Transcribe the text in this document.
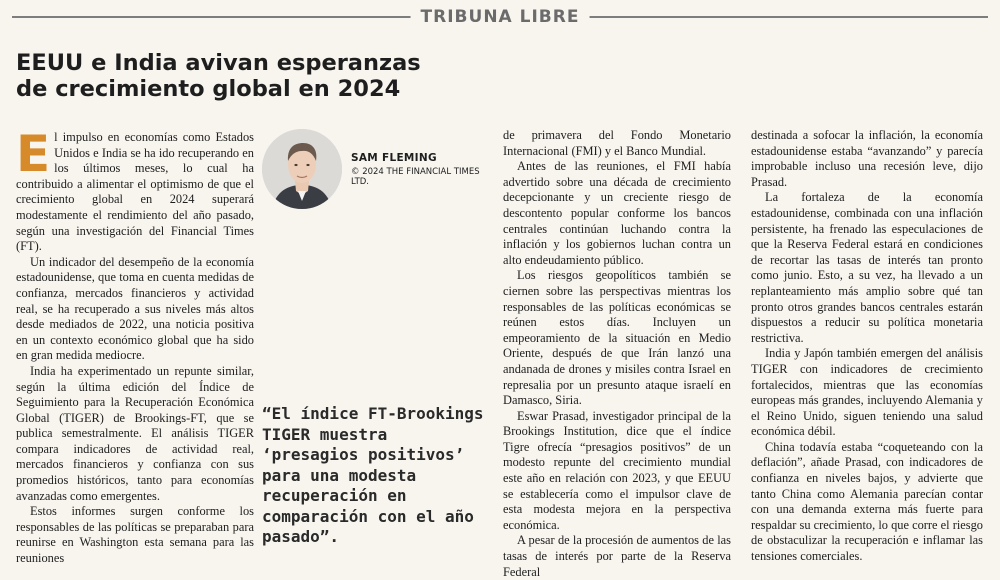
TRIBUNA LIBRE
EEUU e India avivan esperanzas de crecimiento global en 2024

El impulso en economías como Estados Unidos e India se ha ido recuperando en los últimos meses, lo cual ha contribuido a alimentar el optimismo de que el crecimiento global en 2024 superará modestamente el rendimiento del año pasado, según una investigación del Financial Times (FT).

Un indicador del desempeño de la economía estadounidense, que toma en cuenta medidas de confianza, mercados financieros y actividad real, se ha recuperado a sus niveles más altos desde mediados de 2022, una noticia positiva en un contexto económico global que ha sido en gran medida mediocre.

India ha experimentado un repunte similar, según la última edición del Índice de Seguimiento para la Recuperación Económica Global (TIGER) de Brookings-FT, que se publica semestralmente. El análisis TIGER compara indicadores de actividad real, mercados financieros y confianza con sus promedios históricos, tanto para economías avanzadas como emergentes.

Estos informes surgen conforme los responsables de las políticas se preparaban para reunirse en Washington esta semana para las reuniones

SAM FLEMING
© 2024 THE FINANCIAL TIMES LTD.

“El índice FT-Brookings TIGER muestra ‘presagios positivos’ para una modesta recuperación en comparación con el año pasado”.

de primavera del Fondo Monetario Internacional (FMI) y el Banco Mundial.

Antes de las reuniones, el FMI había advertido sobre una década de crecimiento decepcionante y un creciente riesgo de descontento popular conforme los bancos centrales continúan luchando contra la inflación y los gobiernos luchan contra un alto endeudamiento público.

Los riesgos geopolíticos también se ciernen sobre las perspectivas mientras los responsables de las políticas económicas se reúnen estos días. Incluyen un empeoramiento de la situación en Medio Oriente, después de que Irán lanzó una andanada de drones y misiles contra Israel en represalia por un presunto ataque israelí en Damasco, Siria.

Eswar Prasad, investigador principal de la Brookings Institution, dice que el índice Tigre ofrecía “presagios positivos” de un modesto repunte del crecimiento mundial este año en relación con 2023, y que EEUU se establecería como el impulsor clave de esta modesta mejora en la perspectiva económica.

A pesar de la procesión de aumentos de las tasas de interés por parte de la Reserva Federal

destinada a sofocar la inflación, la economía estadounidense estaba “avanzando” y parecía improbable incluso una recesión leve, dijo Prasad.

La fortaleza de la economía estadounidense, combinada con una inflación persistente, ha frenado las especulaciones de que la Reserva Federal estará en condiciones de recortar las tasas de interés tan pronto como junio. Esto, a su vez, ha llevado a un replanteamiento más amplio sobre qué tan pronto otros grandes bancos centrales estarán dispuestos a reducir su política monetaria restrictiva.

India y Japón también emergen del análisis TIGER con indicadores de crecimiento fortalecidos, mientras que las economías europeas más grandes, incluyendo Alemania y el Reino Unido, siguen teniendo una salud económica débil.

China todavía estaba “coqueteando con la deflación”, añade Prasad, con indicadores de confianza en niveles bajos, y advierte que tanto China como Alemania parecían contar con una demanda externa más fuerte para respaldar su crecimiento, lo que corre el riesgo de obstaculizar la recuperación e inflamar las tensiones comerciales.
